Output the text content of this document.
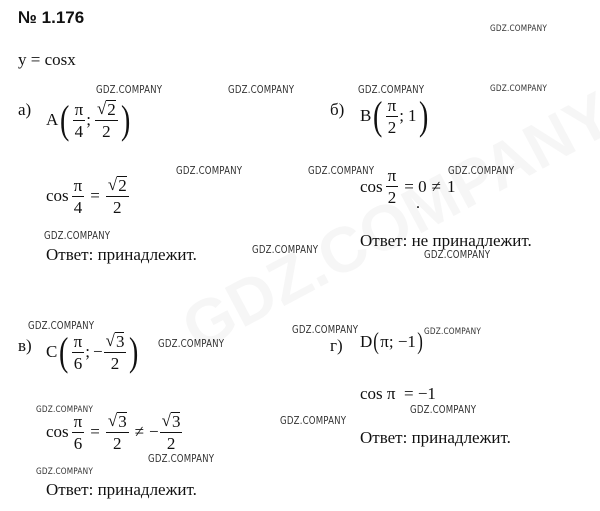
№ 1.176
y = cosx
GDZ.COMPANY
GDZ.COMPANY	GDZ.COMPANY	GDZ.COMPANY	GDZ.COMPANY
GDZ.COMPANY	GDZ.COMPANY	GDZ.COMPANY
GDZ.COMPANY
GDZ.COMPANY	GDZ.COMPANY
GDZ.COMPANY	GDZ.COMPANY	GDZ.COMPANY
GDZ.COMPANY
GDZ.COMPANY	GDZ.COMPANY
GDZ.COMPANY
GDZ.COMPANY
GDZ.COMPANY
а)
A ( $\frac{\pi}{4}$ ; $\frac{√ 2}{2}$ )
$\cos \frac{\pi}{4} = \frac{√ 2}{2}$
Ответ: принадлежит.
б) B ( $\frac{\pi}{2}$ ; 1 )
$\cos \frac{\pi}{2} = 0 \ne 1$
.
Ответ: не принадлежит.
в) C ( $\frac{\pi}{6}$ ; − $\frac{√ 3}{2}$ )
$\cos \frac{\pi}{6} = \frac{√ 3}{2}$ ≠ − $\frac{√ 3}{2}$
Ответ: принадлежит.
г) D ( π; −1 )
cos π  = −1
Ответ: принадлежит.
